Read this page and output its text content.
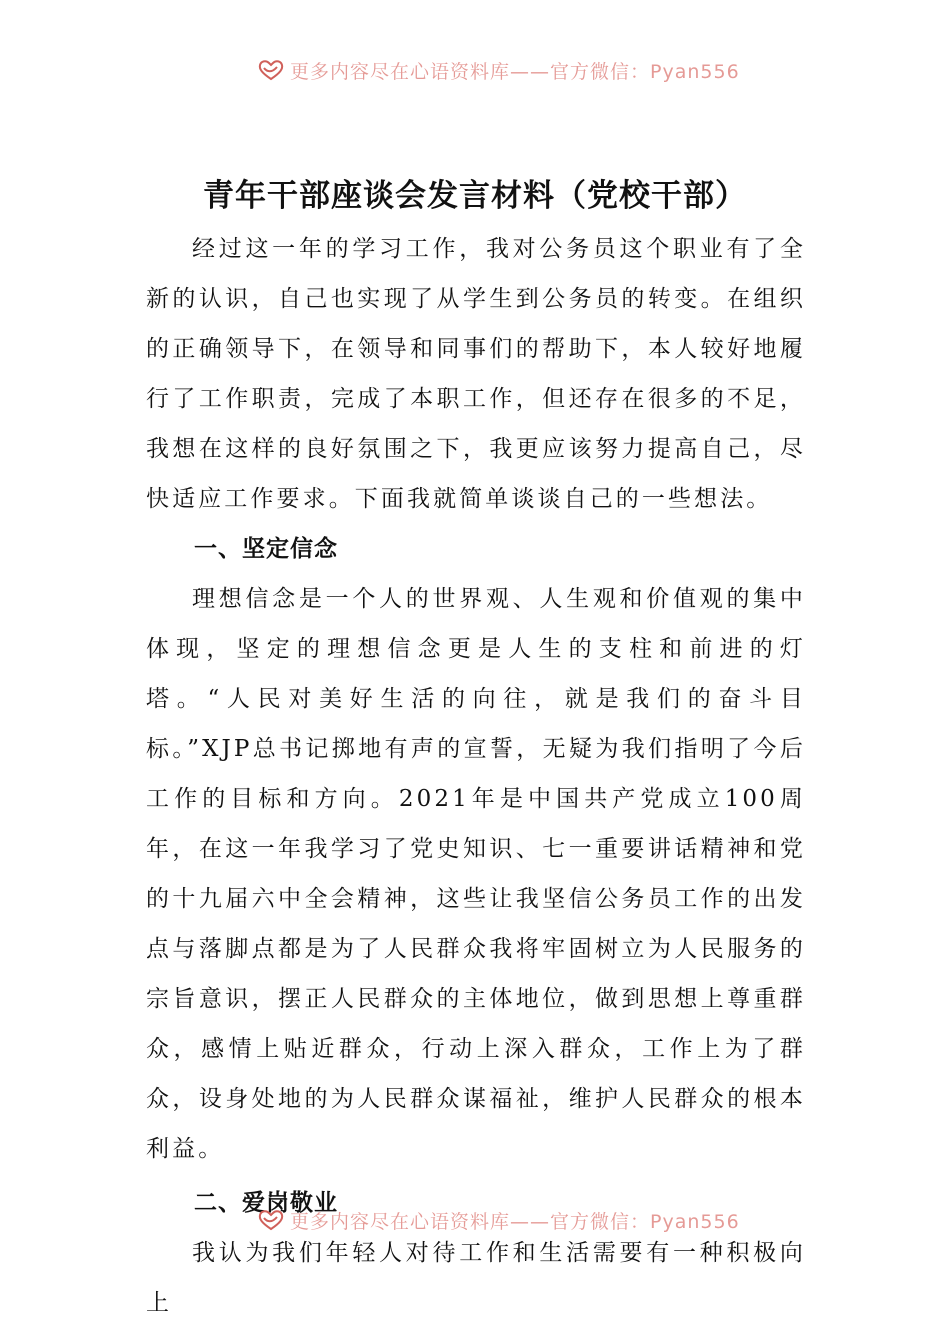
更多内容尽在心语资料库——官方微信：Pyan556
青年干部座谈会发言材料（党校干部）

经过这一年的学习工作，我对公务员这个职业有了全新的认识，自己也实现了从学生到公务员的转变。在组织的正确领导下，在领导和同事们的帮助下，本人较好地履行了工作职责，完成了本职工作，但还存在很多的不足，我想在这样的良好氛围之下，我更应该努力提高自己，尽快适应工作要求。下面我就简单谈谈自己的一些想法。

一、坚定信念

理想信念是一个人的世界观、人生观和价值观的集中体现，坚定的理想信念更是人生的支柱和前进的灯塔。“人民对美好生活的向往，就是我们的奋斗目标。”XJP总书记掷地有声的宣誓，无疑为我们指明了今后工作的目标和方向。2021年是中国共产党成立100周年，在这一年我学习了党史知识、七一重要讲话精神和党的十九届六中全会精神，这些让我坚信公务员工作的出发点与落脚点都是为了人民群众我将牢固树立为人民服务的宗旨意识，摆正人民群众的主体地位，做到思想上尊重群众，感情上贴近群众，行动上深入群众，工作上为了群众，设身处地的为人民群众谋福祉，维护人民群众的根本利益。

二、爱岗敬业

我认为我们年轻人对待工作和生活需要有一种积极向上

更多内容尽在心语资料库——官方微信：Pyan556
